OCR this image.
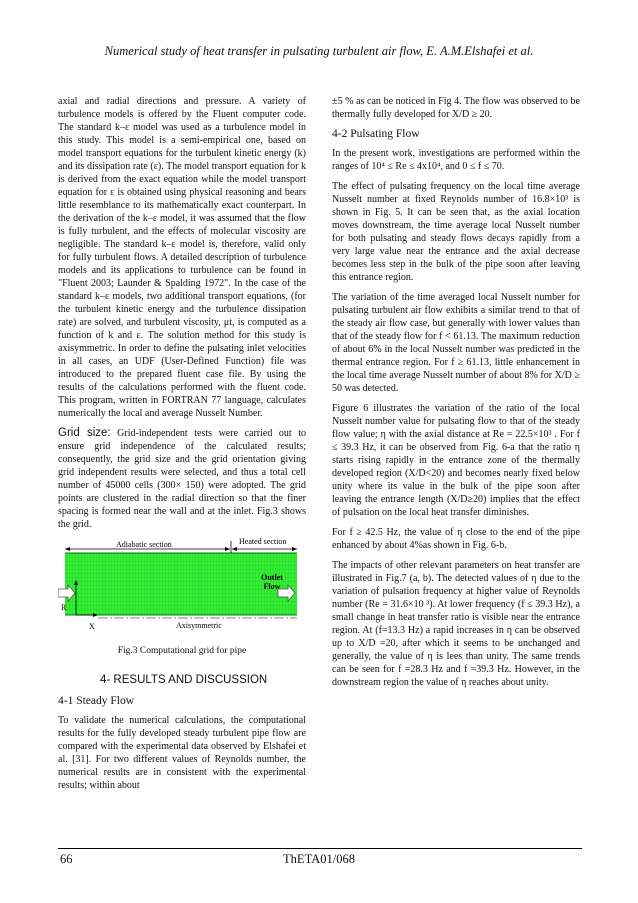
Numerical study of heat transfer in pulsating turbulent air flow, E. A.M.Elshafei et al.

axial and radial directions and pressure. A variety of turbulence models is offered by the Fluent computer code. The standard k–ε model was used as a turbulence model in this study. This model is a semi-empirical one, based on model transport equations for the turbulent kinetic energy (k) and its dissipation rate (ε). The model transport equation for k is derived from the exact equation while the model transport equation for ε is obtained using physical reasoning and bears little resemblance to its mathematically exact counterpart. In the derivation of the k–ε model, it was assumed that the flow is fully turbulent, and the effects of molecular viscosity are negligible. The standard k–ε model is, therefore, valid only for fully turbulent flows. A detailed description of turbulence models and its applications to turbulence can be found in "Fluent 2003; Launder & Spalding 1972". In the case of the standard k–ε models, two additional transport equations, (for the turbulent kinetic energy and the turbulence dissipation rate) are solved, and turbulent viscosity, μt, is computed as a function of k and ε. The solution method for this study is axisymmetric. In order to define the pulsating inlet velocities in all cases, an UDF (User-Defined Function) file was introduced to the prepared fluent case file. By using the results of the calculations performed with the fluent code. This program, written in FORTRAN 77 language, calculates numerically the local and average Nusselt Number.

Grid size: Grid-independent tests were carried out to ensure grid independence of the calculated results; consequently, the grid size and the grid orientation giving grid independent results were selected, and thus a total cell number of 45000 cells (300× 150) were adopted. The grid points are clustered in the radial direction so that the finer spacing is formed near the wall and at the inlet. Fig.3 shows the grid.

Adiabatic section	Heated section
Outlet
Flow
R
X	Axisymmetric
Fig.3 Computational grid for pipe
4- RESULTS AND DISCUSSION
4-1 Steady Flow

To validate the numerical calculations, the computational results for the fully developed steady turbulent pipe flow are compared with the experimental data observed by Elshafei et al. [31]. For two different values of Reynolds number, the numerical results are in consistent with the experimental results; within about

±5 % as can be noticed in Fig 4. The flow was observed to be thermally fully developed for X/D ≥ 20.

4-2 Pulsating Flow

In the present work, investigations are performed within the ranges of 10⁴ ≤ Re ≤ 4x10⁴, and 0 ≤ f ≤ 70.

The effect of pulsating frequency on the local time average Nusselt number at fixed Reynolds number of 16.8×10³ is shown in Fig. 5. It can be seen that, as the axial location moves downstream, the time average local Nusselt number for both pulsating and steady flows decays rapidly from a very large value near the entrance and the axial decrease becomes less step in the bulk of the pipe soon after leaving this entrance region.

The variation of the time averaged local Nusselt number for pulsating turbulent air flow exhibits a similar trend to that of the steady air flow case, but generally with lower values than that of the steady flow for f < 61.13. The maximum reduction of about 6% in the local Nusselt number was predicted in the thermal entrance region. For f ≥ 61.13, little enhancement in the local time average Nusselt number of about 8% for X/D ≥ 50 was detected.

Figure 6 illustrates the variation of the ratio of the local Nusselt number value for pulsating flow to that of the steady flow value; η with the axial distance at Re = 22.5×10³ . For f ≤ 39.3 Hz, it can be observed from Fig. 6-a that the ratio η starts rising rapidly in the entrance zone of the thermally developed region (X/D<20) and becomes nearly fixed below unity where its value in the bulk of the pipe soon after leaving the entrance length (X/D≥20) implies that the effect of pulsation on the local heat transfer diminishes.

For f ≥ 42.5 Hz, the value of η close to the end of the pipe enhanced by about 4%as shown in Fig. 6-b.

The impacts of other relevant parameters on heat transfer are illustrated in Fig.7 (a, b). The detected values of η due to the variation of pulsation frequency at higher value of Reynolds number (Re = 31.6×10 ³). At lower frequency (f ≤ 39.3 Hz), a small change in heat transfer ratio is visible near the entrance region. At (f=13.3 Hz) a rapid increases in η can be observed up to X/D =20, after which it seems to be unchanged and generally, the value of η is lees than unity. The same trends can be seen for f =28.3 Hz and f =39.3 Hz. However, in the downstream region the value of η reaches about unity.

66	ThETA01/068
